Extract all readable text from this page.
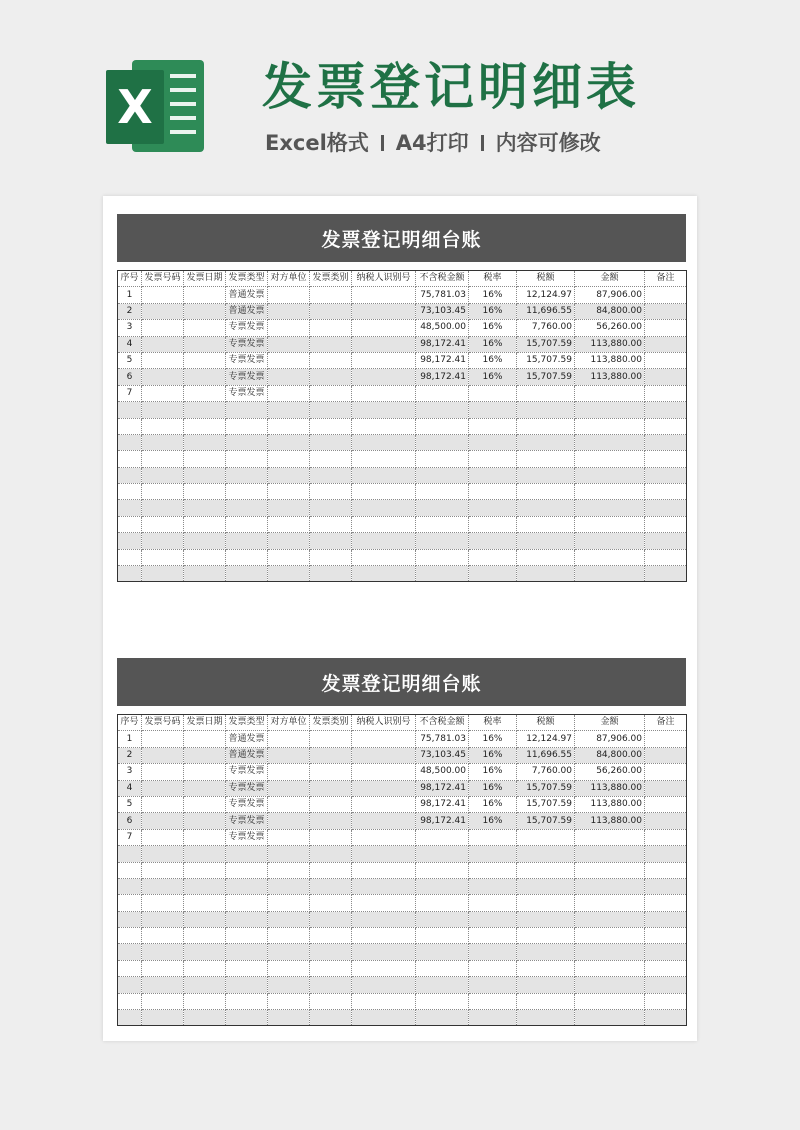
X 发票登记明细表
Excel格式 A4打印 内容可修改
发票登记明细台账
序号	发票号码	发票日期	发票类型	对方单位	发票类别	纳税人识别号	不含税金额	税率	税额	金额	备注
1			普通发票				75,781.03	16%	12,124.97	87,906.00	
2			普通发票				73,103.45	16%	11,696.55	84,800.00	
3			专票发票				48,500.00	16%	7,760.00	56,260.00	
4			专票发票				98,172.41	16%	15,707.59	113,880.00	
5			专票发票				98,172.41	16%	15,707.59	113,880.00	
6			专票发票				98,172.41	16%	15,707.59	113,880.00	
7			专票发票								

发票登记明细台账
序号	发票号码	发票日期	发票类型	对方单位	发票类别	纳税人识别号	不含税金额	税率	税额	金额	备注
1			普通发票				75,781.03	16%	12,124.97	87,906.00	
2			普通发票				73,103.45	16%	11,696.55	84,800.00	
3			专票发票				48,500.00	16%	7,760.00	56,260.00	
4			专票发票				98,172.41	16%	15,707.59	113,880.00	
5			专票发票				98,172.41	16%	15,707.59	113,880.00	
6			专票发票				98,172.41	16%	15,707.59	113,880.00	
7			专票发票								
